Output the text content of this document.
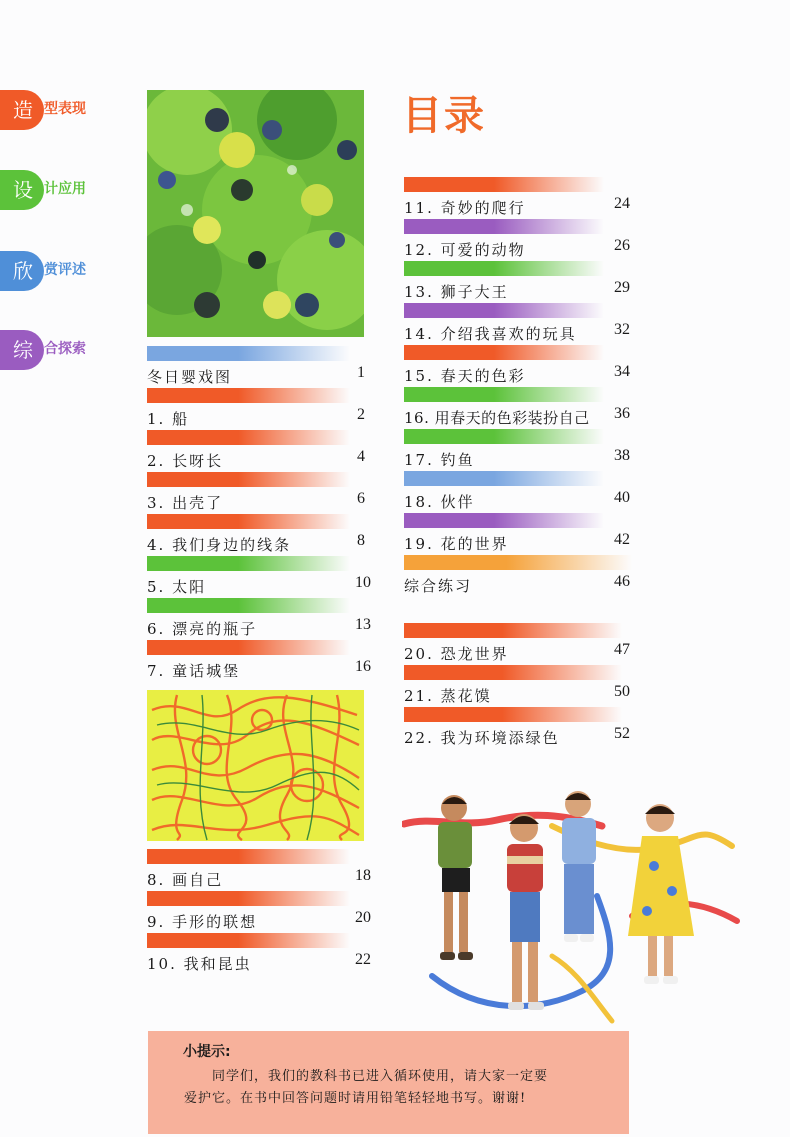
造 型表现
设 计应用
欣 赏评述
综 合探索
目录
冬日婴戏图	1
1. 船	2
2. 长呀长	4
3. 出壳了	6
4. 我们身边的线条	8
5. 太阳	10
6. 漂亮的瓶子	13
7. 童话城堡	16
8. 画自己	18
9. 手形的联想	20
10. 我和昆虫	22
11. 奇妙的爬行	24
12. 可爱的动物	26
13. 狮子大王	29
14. 介绍我喜欢的玩具 32
15. 春天的色彩	34
16. 用春天的色彩装扮自己 36
17. 钓鱼	38
18. 伙伴	40
19. 花的世界	42
综合练习	46
20. 恐龙世界	47
21. 蒸花馍	50
22. 我为环境添绿色	52
小提示:
同学们，我们的教科书已进入循环使用，请大家一定要
爱护它。在书中回答问题时请用铅笔轻轻地书写。谢谢!
